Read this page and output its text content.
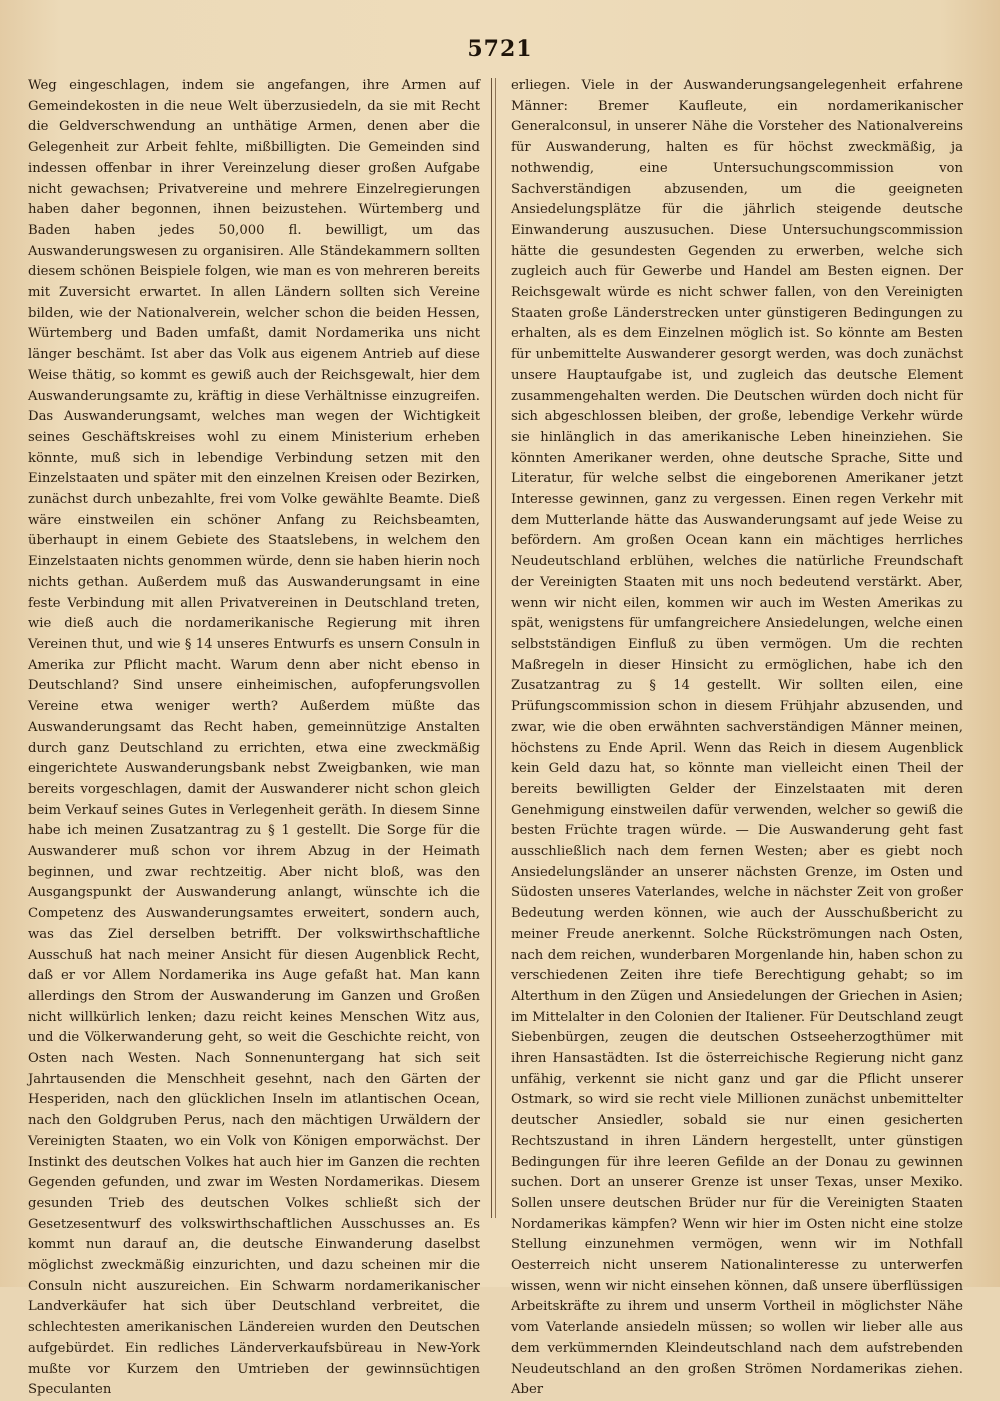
5721
Weg eingeschlagen, indem sie angefangen, ihre Armen auf Gemeindekosten in die neue Welt überzusiedeln, da sie mit Recht die Geldverschwendung an unthätige Armen, denen aber die Gelegenheit zur Arbeit fehlte, mißbilligten. Die Gemeinden sind indessen offenbar in ihrer Vereinzelung dieser großen Aufgabe nicht gewachsen; Privatvereine und mehrere Einzelregierungen haben daher begonnen, ihnen beizustehen. Würtemberg und Baden haben jedes 50,000 fl. bewilligt, um das Auswanderungswesen zu organisiren. Alle Ständekammern sollten diesem schönen Beispiele folgen, wie man es von mehreren bereits mit Zuversicht erwartet. In allen Ländern sollten sich Vereine bilden, wie der Nationalverein, welcher schon die beiden Hessen, Würtemberg und Baden umfaßt, damit Nordamerika uns nicht länger beschämt. Ist aber das Volk aus eigenem Antrieb auf diese Weise thätig, so kommt es gewiß auch der Reichsgewalt, hier dem Auswanderungsamte zu, kräftig in diese Verhältnisse einzugreifen. Das Auswanderungsamt, welches man wegen der Wichtigkeit seines Geschäftskreises wohl zu einem Ministerium erheben könnte, muß sich in lebendige Verbindung setzen mit den Einzelstaaten und später mit den einzelnen Kreisen oder Bezirken, zunächst durch unbezahlte, frei vom Volke gewählte Beamte. Dieß wäre einstweilen ein schöner Anfang zu Reichsbeamten, überhaupt in einem Gebiete des Staatslebens, in welchem den Einzelstaaten nichts genommen würde, denn sie haben hierin noch nichts gethan. Außerdem muß das Auswanderungsamt in eine feste Verbindung mit allen Privatvereinen in Deutschland treten, wie dieß auch die nordamerikanische Regierung mit ihren Vereinen thut, und wie § 14 unseres Entwurfs es unsern Consuln in Amerika zur Pflicht macht. Warum denn aber nicht ebenso in Deutschland? Sind unsere einheimischen, aufopferungsvollen Vereine etwa weniger werth? Außerdem müßte das Auswanderungsamt das Recht haben, gemeinnützige Anstalten durch ganz Deutschland zu errichten, etwa eine zweckmäßig eingerichtete Auswanderungsbank nebst Zweigbanken, wie man bereits vorgeschlagen, damit der Auswanderer nicht schon gleich beim Verkauf seines Gutes in Verlegenheit geräth. In diesem Sinne habe ich meinen Zusatzantrag zu § 1 gestellt. Die Sorge für die Auswanderer muß schon vor ihrem Abzug in der Heimath beginnen, und zwar rechtzeitig. Aber nicht bloß, was den Ausgangspunkt der Auswanderung anlangt, wünschte ich die Competenz des Auswanderungsamtes erweitert, sondern auch, was das Ziel derselben betrifft. Der volkswirthschaftliche Ausschuß hat nach meiner Ansicht für diesen Augenblick Recht, daß er vor Allem Nordamerika ins Auge gefaßt hat. Man kann allerdings den Strom der Auswanderung im Ganzen und Großen nicht willkürlich lenken; dazu reicht keines Menschen Witz aus, und die Völkerwanderung geht, so weit die Geschichte reicht, von Osten nach Westen. Nach Sonnenuntergang hat sich seit Jahrtausenden die Menschheit gesehnt, nach den Gärten der Hesperiden, nach den glücklichen Inseln im atlantischen Ocean, nach den Goldgruben Perus, nach den mächtigen Urwäldern der Vereinigten Staaten, wo ein Volk von Königen emporwächst. Der Instinkt des deutschen Volkes hat auch hier im Ganzen die rechten Gegenden gefunden, und zwar im Westen Nordamerikas. Diesem gesunden Trieb des deutschen Volkes schließt sich der Gesetzesentwurf des volkswirthschaftlichen Ausschusses an. Es kommt nun darauf an, die deutsche Einwanderung daselbst möglichst zweckmäßig einzurichten, und dazu scheinen mir die Consuln nicht auszureichen. Ein Schwarm nordamerikanischer Landverkäufer hat sich über Deutschland verbreitet, die schlechtesten amerikanischen Ländereien wurden den Deutschen aufgebürdet. Ein redliches Länderverkaufsbüreau in New-York mußte vor Kurzem den Umtrieben der gewinnsüchtigen Speculanten
erliegen. Viele in der Auswanderungsangelegenheit erfahrene Männer: Bremer Kaufleute, ein nordamerikanischer Generalconsul, in unserer Nähe die Vorsteher des Nationalvereins für Auswanderung, halten es für höchst zweckmäßig, ja nothwendig, eine Untersuchungscommission von Sachverständigen abzusenden, um die geeigneten Ansiedelungsplätze für die jährlich steigende deutsche Einwanderung auszusuchen. Diese Untersuchungscommission hätte die gesundesten Gegenden zu erwerben, welche sich zugleich auch für Gewerbe und Handel am Besten eignen. Der Reichsgewalt würde es nicht schwer fallen, von den Vereinigten Staaten große Länderstrecken unter günstigeren Bedingungen zu erhalten, als es dem Einzelnen möglich ist. So könnte am Besten für unbemittelte Auswanderer gesorgt werden, was doch zunächst unsere Hauptaufgabe ist, und zugleich das deutsche Element zusammengehalten werden. Die Deutschen würden doch nicht für sich abgeschlossen bleiben, der große, lebendige Verkehr würde sie hinlänglich in das amerikanische Leben hineinziehen. Sie könnten Amerikaner werden, ohne deutsche Sprache, Sitte und Literatur, für welche selbst die eingeborenen Amerikaner jetzt Interesse gewinnen, ganz zu vergessen. Einen regen Verkehr mit dem Mutterlande hätte das Auswanderungsamt auf jede Weise zu befördern. Am großen Ocean kann ein mächtiges herrliches Neudeutschland erblühen, welches die natürliche Freundschaft der Vereinigten Staaten mit uns noch bedeutend verstärkt. Aber, wenn wir nicht eilen, kommen wir auch im Westen Amerikas zu spät, wenigstens für umfangreichere Ansiedelungen, welche einen selbstständigen Einfluß zu üben vermögen. Um die rechten Maßregeln in dieser Hinsicht zu ermöglichen, habe ich den Zusatzantrag zu § 14 gestellt. Wir sollten eilen, eine Prüfungscommission schon in diesem Frühjahr abzusenden, und zwar, wie die oben erwähnten sachverständigen Männer meinen, höchstens zu Ende April. Wenn das Reich in diesem Augenblick kein Geld dazu hat, so könnte man vielleicht einen Theil der bereits bewilligten Gelder der Einzelstaaten mit deren Genehmigung einstweilen dafür verwenden, welcher so gewiß die besten Früchte tragen würde. — Die Auswanderung geht fast ausschließlich nach dem fernen Westen; aber es giebt noch Ansiedelungsländer an unserer nächsten Grenze, im Osten und Südosten unseres Vaterlandes, welche in nächster Zeit von großer Bedeutung werden können, wie auch der Ausschußbericht zu meiner Freude anerkennt. Solche Rückströmungen nach Osten, nach dem reichen, wunderbaren Morgenlande hin, haben schon zu verschiedenen Zeiten ihre tiefe Berechtigung gehabt; so im Alterthum in den Zügen und Ansiedelungen der Griechen in Asien; im Mittelalter in den Colonien der Italiener. Für Deutschland zeugt Siebenbürgen, zeugen die deutschen Ostseeherzogthümer mit ihren Hansastädten. Ist die österreichische Regierung nicht ganz unfähig, verkennt sie nicht ganz und gar die Pflicht unserer Ostmark, so wird sie recht viele Millionen zunächst unbemittelter deutscher Ansiedler, sobald sie nur einen gesicherten Rechtszustand in ihren Ländern hergestellt, unter günstigen Bedingungen für ihre leeren Gefilde an der Donau zu gewinnen suchen. Dort an unserer Grenze ist unser Texas, unser Mexiko. Sollen unsere deutschen Brüder nur für die Vereinigten Staaten Nordamerikas kämpfen? Wenn wir hier im Osten nicht eine stolze Stellung einzunehmen vermögen, wenn wir im Nothfall Oesterreich nicht unserem Nationalinteresse zu unterwerfen wissen, wenn wir nicht einsehen können, daß unsere überflüssigen Arbeitskräfte zu ihrem und unserm Vortheil in möglichster Nähe vom Vaterlande ansiedeln müssen; so wollen wir lieber alle aus dem verkümmernden Kleindeutschland nach dem aufstrebenden Neudeutschland an den großen Strömen Nordamerikas ziehen. Aber
